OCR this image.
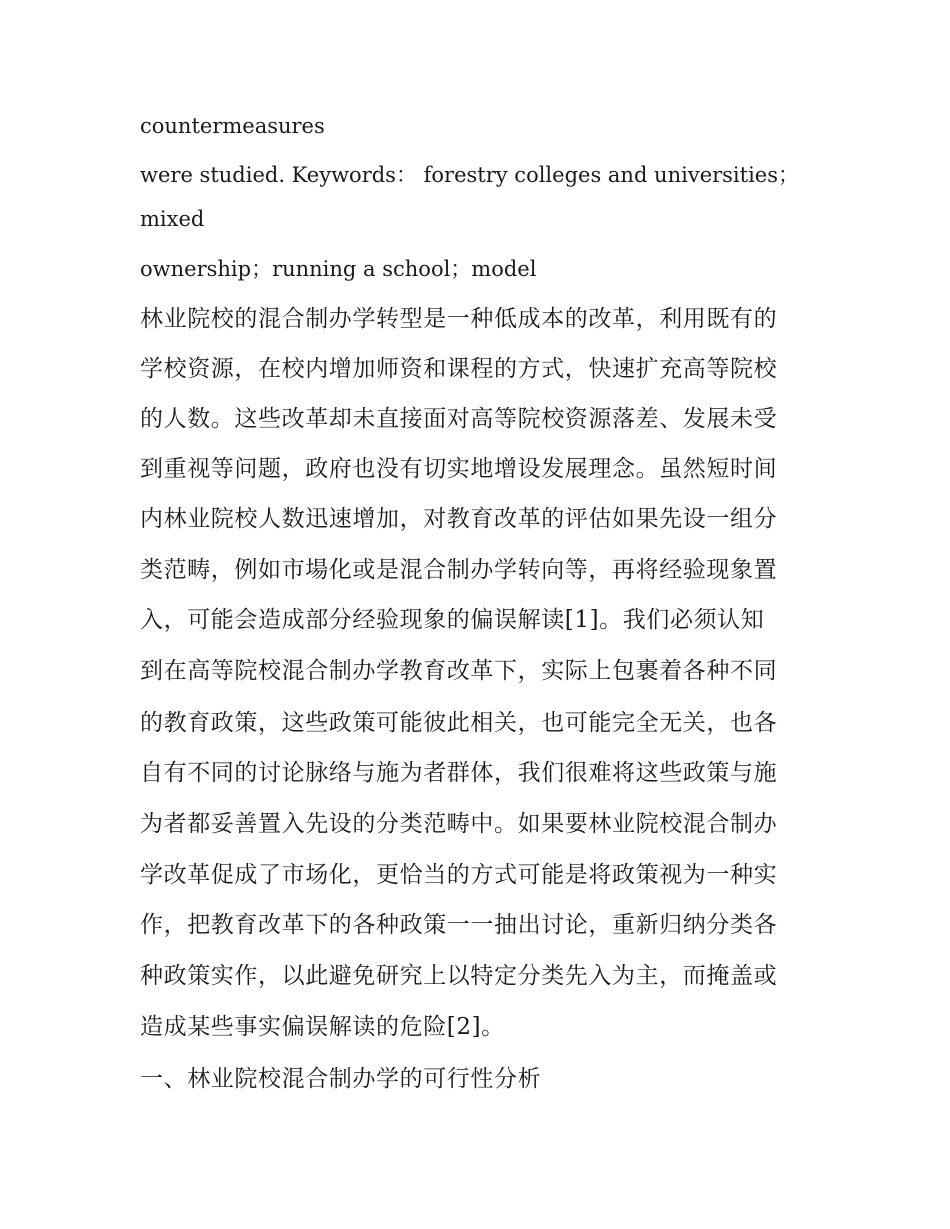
countermeasures
were studied. Keywords： forestry colleges and universities；
mixed
ownership；running a school；model
林业院校的混合制办学转型是一种低成本的改革，利用既有的
学校资源，在校内增加师资和课程的方式，快速扩充高等院校
的人数。这些改革却未直接面对高等院校资源落差、发展未受
到重视等问题，政府也没有切实地增设发展理念。虽然短时间
内林业院校人数迅速增加，对教育改革的评估如果先设一组分
类范畴，例如市場化或是混合制办学转向等，再将经验现象置
入，可能会造成部分经验现象的偏误解读[1]。我们必须认知
到在高等院校混合制办学教育改革下，实际上包裹着各种不同
的教育政策，这些政策可能彼此相关，也可能完全无关，也各
自有不同的讨论脉络与施为者群体，我们很难将这些政策与施
为者都妥善置入先设的分类范畴中。如果要林业院校混合制办
学改革促成了市场化，更恰当的方式可能是将政策视为一种实
作，把教育改革下的各种政策一一抽出讨论，重新归纳分类各
种政策实作，以此避免研究上以特定分类先入为主，而掩盖或
造成某些事实偏误解读的危险[2]。
一、林业院校混合制办学的可行性分析
